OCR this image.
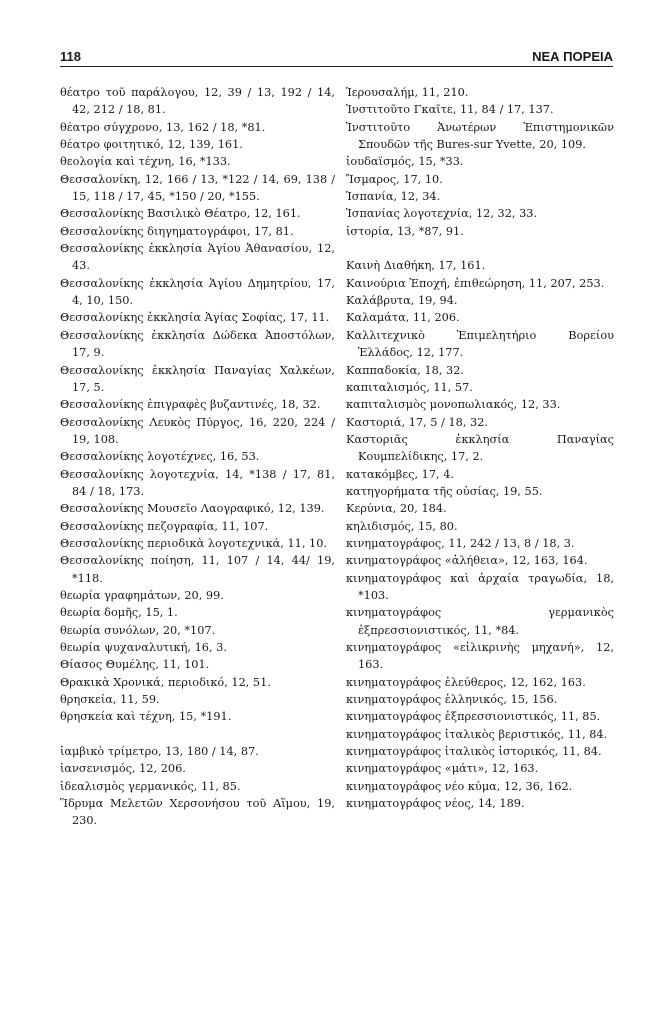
118	ΝΕΑ ΠΟΡΕΙΑ

θέατρο τοῦ παράλογου, 12, 39 / 13, 192 / 14, 42, 212 / 18, 81.

θέατρο σύγχρονο, 13, 162 / 18, *81.

θέατρο φοιτητικό, 12, 139, 161.

θεολογία καὶ τέχνη, 16, *133.

Θεσσαλονίκη, 12, 166 / 13, *122 / 14, 69, 138 / 15, 118 / 17, 45, *150 / 20, *155.

Θεσσαλονίκης Βασιλικὸ Θέατρο, 12, 161.

Θεσσαλονίκης διηγηματογράφοι, 17, 81.

Θεσσαλονίκης ἐκκλησία Ἁγίου Ἀθανασίου, 12, 43.

Θεσσαλονίκης ἐκκλησία Ἁγίου Δημητρίου, 17, 4, 10, 150.

Θεσσαλονίκης ἐκκλησία Ἁγίας Σοφίας, 17, 11.

Θεσσαλονίκης ἐκκλησία Δώδεκα Ἀποστόλων, 17, 9.

Θεσσαλονίκης ἐκκλησία Παναγίας Χαλκέων, 17, 5.

Θεσσαλονίκης ἐπιγραφὲς βυζαντινές, 18, 32.

Θεσσαλονίκης Λευκὸς Πύργος, 16, 220, 224 / 19, 108.

Θεσσαλονίκης λογοτέχνες, 16, 53.

Θεσσαλονίκης λογοτεχνία, 14, *138 / 17, 81, 84 / 18, 173.

Θεσσαλονίκης Μουσεῖο Λαογραφικό, 12, 139.

Θεσσαλονίκης πεζογραφία, 11, 107.

Θεσσαλονίκης περιοδικὰ λογοτεχνικά, 11, 10.

Θεσσαλονίκης ποίηση, 11, 107 / 14, 44/ 19, *118.

θεωρία γραφημάτων, 20, 99.

θεωρία δομῆς, 15, 1.

θεωρία συνόλων, 20, *107.

θεωρία ψυχαναλυτική, 16, 3.

Θίασος Θυμέλης, 11, 101.

Θρακικὰ Χρονικά, περιοδικό, 12, 51.

θρησκεία, 11, 59.

θρησκεία καὶ τέχνη, 15, *191.

ἰαμβικὸ τρίμετρο, 13, 180 / 14, 87.

ἰανσενισμός, 12, 206.

ἰδεαλισμὸς γερμανικός, 11, 85.

Ἵδρυμα Μελετῶν Χερσονήσου τοῦ Αἵμου, 19, 230.

Ἱερουσαλήμ, 11, 210.

Ἰνστιτοῦτο Γκαῖτε, 11, 84 / 17, 137.

Ἰνστιτοῦτο Ἀνωτέρων Ἐπιστημονικῶν Σπουδῶν τῆς Bures-sur Yvette, 20, 109.

ἰουδαϊσμός, 15, *33.

Ἴσμαρος, 17, 10.

Ἱσπανία, 12, 34.

Ἱσπανίας λογοτεχνία, 12, 32, 33.

ἱστορία, 13, *87, 91.

Καινὴ Διαθήκη, 17, 161.

Καινούρια Ἐποχή, ἐπιθεώρηση, 11, 207, 253.

Καλάβρυτα, 19, 94.

Καλαμάτα, 11, 206.

Καλλιτεχνικὸ Ἐπιμελητήριο Βορείου Ἑλλάδος, 12, 177.

Καππαδοκία, 18, 32.

καπιταλισμός, 11, 57.

καπιταλισμὸς μονοπωλιακός, 12, 33.

Καστοριά, 17, 5 / 18, 32.

Καστοριᾶς ἐκκλησία Παναγίας Κουμπελίδικης, 17, 2.

κατακόμβες, 17, 4.

κατηγορήματα τῆς οὐσίας, 19, 55.

Κερύνια, 20, 184.

κηλιδισμός, 15, 80.

κινηματογράφος, 11, 242 / 13, 8 / 18, 3.

κινηματογράφος «ἀλήθεια», 12, 163, 164.

κινηματογράφος καὶ ἀρχαία τραγωδία, 18, *103.

κινηματογράφος γερμανικὸς ἐξπρεσσιονιστικός, 11, *84.

κινηματογράφος «εἰλικρινὴς μηχανή», 12, 163.

κινηματογράφος ἐλεύθερος, 12, 162, 163.

κινηματογράφος ἑλληνικός, 15, 156.

κινηματογράφος ἐξπρεσσιονιστικός, 11, 85.

κινηματογράφος ἰταλικὸς βεριστικός, 11, 84.

κινηματογράφος ἰταλικὸς ἱστορικός, 11, 84.

κινηματογράφος «μάτι», 12, 163.

κινηματογράφος νέο κύμα, 12, 36, 162.

κινηματογράφος νέος, 14, 189.
